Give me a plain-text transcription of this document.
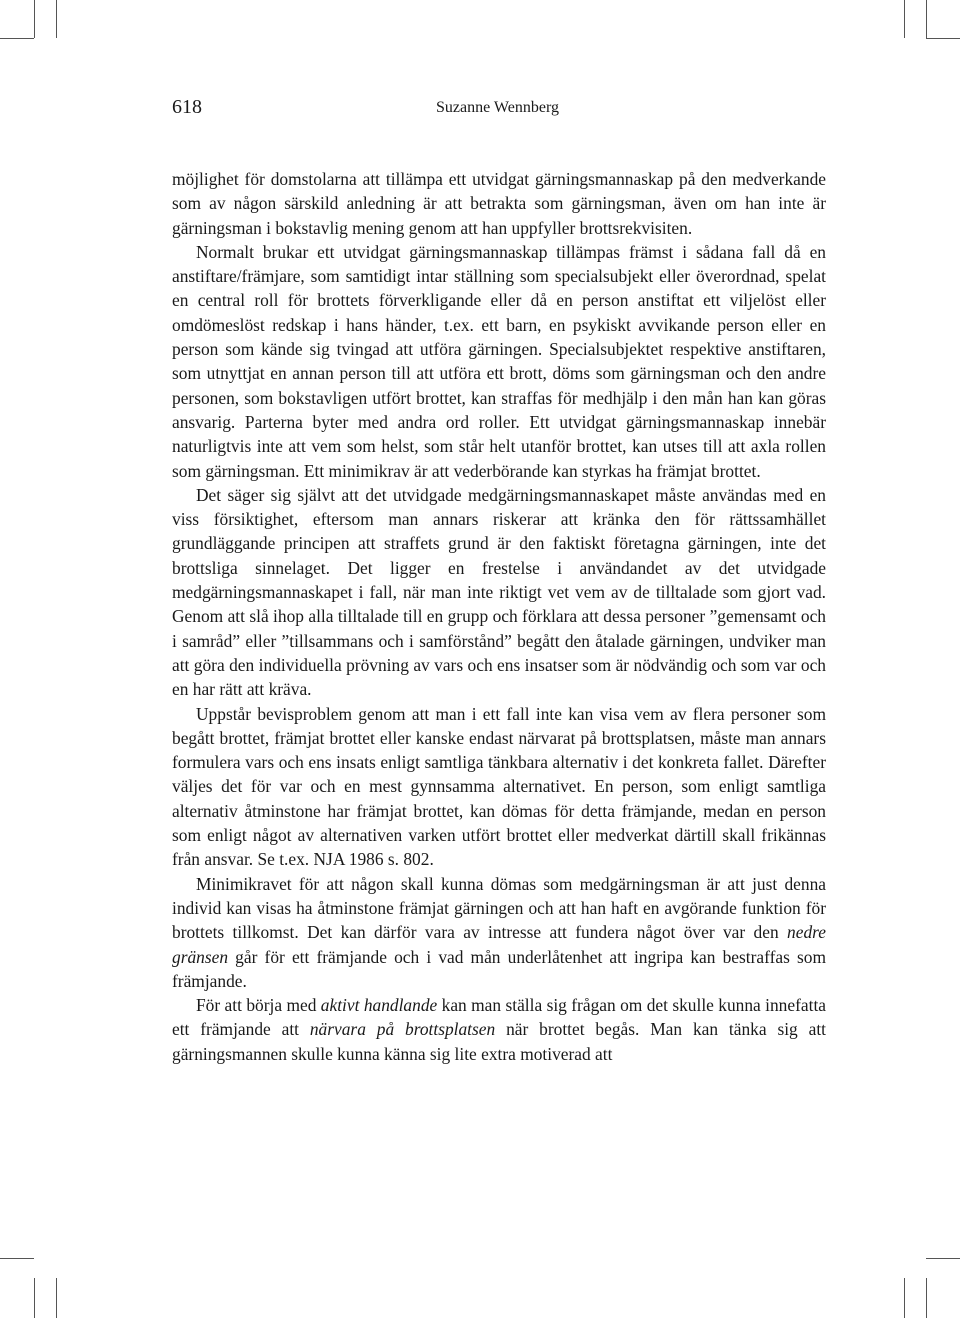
618	Suzanne Wennberg

möjlighet för domstolarna att tillämpa ett utvidgat gärningsmannaskap på den medverkande som av någon särskild anledning är att betrakta som gärningsman, även om han inte är gärningsman i bokstavlig mening genom att han uppfyller brottsrekvisiten.

Normalt brukar ett utvidgat gärningsmannaskap tillämpas främst i sådana fall då en anstiftare/främjare, som samtidigt intar ställning som specialsubjekt eller överordnad, spelat en central roll för brottets förverkligande eller då en person anstiftat ett viljelöst eller omdömeslöst redskap i hans händer, t.ex. ett barn, en psykiskt avvikande person eller en person som kände sig tvingad att utföra gärningen. Specialsubjektet respektive anstiftaren, som utnyttjat en annan person till att utföra ett brott, döms som gärningsman och den andre personen, som bokstavligen utfört brottet, kan straffas för medhjälp i den mån han kan göras ansvarig. Parterna byter med andra ord roller. Ett utvidgat gärningsmannaskap innebär naturligtvis inte att vem som helst, som står helt utanför brottet, kan utses till att axla rollen som gärningsman. Ett minimikrav är att vederbörande kan styrkas ha främjat brottet.

Det säger sig självt att det utvidgade medgärningsmannaskapet måste användas med en viss försiktighet, eftersom man annars riskerar att kränka den för rättssamhället grundläggande principen att straffets grund är den faktiskt företagna gärningen, inte det brottsliga sinnelaget. Det ligger en frestelse i användandet av det utvidgade medgärningsmannaskapet i fall, när man inte riktigt vet vem av de tilltalade som gjort vad. Genom att slå ihop alla tilltalade till en grupp och förklara att dessa personer ”gemensamt och i samråd” eller ”tillsammans och i samförstånd” begått den åtalade gärningen, undviker man att göra den individuella prövning av vars och ens insatser som är nödvändig och som var och en har rätt att kräva.

Uppstår bevisproblem genom att man i ett fall inte kan visa vem av flera personer som begått brottet, främjat brottet eller kanske endast närvarat på brottsplatsen, måste man annars formulera vars och ens insats enligt samtliga tänkbara alternativ i det konkreta fallet. Därefter väljes det för var och en mest gynnsamma alternativet. En person, som enligt samtliga alternativ åtminstone har främjat brottet, kan dömas för detta främjande, medan en person som enligt något av alternativen varken utfört brottet eller medverkat därtill skall frikännas från ansvar. Se t.ex. NJA 1986 s. 802.

Minimikravet för att någon skall kunna dömas som medgärningsman är att just denna individ kan visas ha åtminstone främjat gärningen och att han haft en avgörande funktion för brottets tillkomst. Det kan därför vara av intresse att fundera något över var den nedre gränsen går för ett främjande och i vad mån underlåtenhet att ingripa kan bestraffas som främjande.

För att börja med aktivt handlande kan man ställa sig frågan om det skulle kunna innefatta ett främjande att närvara på brottsplatsen när brottet begås. Man kan tänka sig att gärningsmannen skulle kunna känna sig lite extra motiverad att
